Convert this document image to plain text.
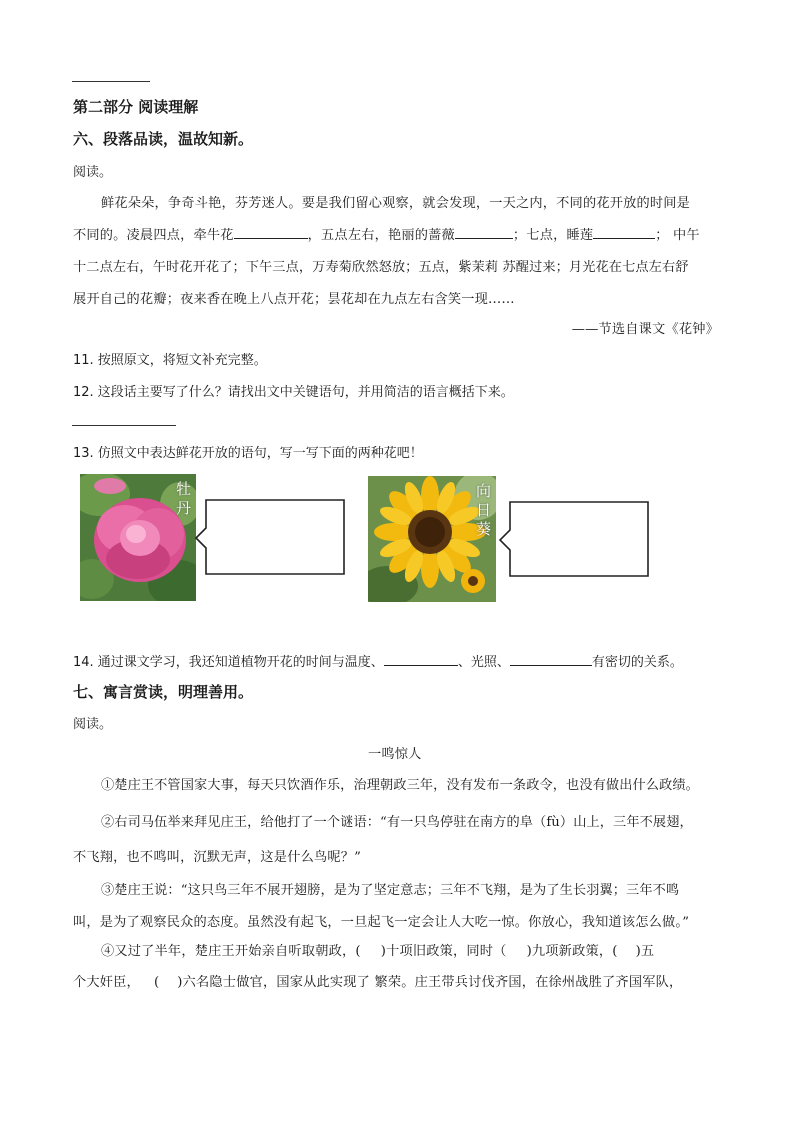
第二部分 阅读理解
六、段落品读，温故知新。
阅读。
鲜花朵朵，争奇斗艳，芬芳迷人。要是我们留心观察，就会发现，一天之内，不同的花开放的时间是
不同的。凌晨四点，牵牛花	，五点左右，艳丽的蔷薇	；七点，睡莲	； 中午
十二点左右，午时花开花了；下午三点，万寿菊欣然怒放；五点，紫茉莉 苏醒过来；月光花在七点左右舒
展开自己的花瓣；夜来香在晚上八点开花；昙花却在九点左右含笑一现……
——节选自课文《花钟》
11. 按照原文，将短文补充完整。
12. 这段话主要写了什么？请找出文中关键语句，并用简洁的语言概括下来。
13. 仿照文中表达鲜花开放的语句，写一写下面的两种花吧！
牡丹
向日葵
14. 通过课文学习，我还知道植物开花的时间与温度、	、光照、	有密切的关系。
七、寓言赏读，明理善用。
阅读。
一鸣惊人
①楚庄王不管国家大事，每天只饮酒作乐，治理朝政三年，没有发布一条政令，也没有做出什么政绩。
②右司马伍举来拜见庄王，给他打了一个谜语：“有一只鸟停驻在南方的阜（fù）山上，三年不展翅，
不飞翔，也不鸣叫，沉默无声，这是什么鸟呢？”
③楚庄王说：“这只鸟三年不展开翅膀，是为了坚定意志；三年不飞翔，是为了生长羽翼；三年不鸣
叫，是为了观察民众的态度。虽然没有起飞，一旦起飞一定会让人大吃一惊。你放心，我知道该怎么做。”
④又过了半年，楚庄王开始亲自听取朝政，( )十项旧政策，同时（ )九项新政策，( )五
个大奸臣， ( )六名隐士做官，国家从此实现了 繁荣。庄王带兵讨伐齐国，在徐州战胜了齐国军队，
